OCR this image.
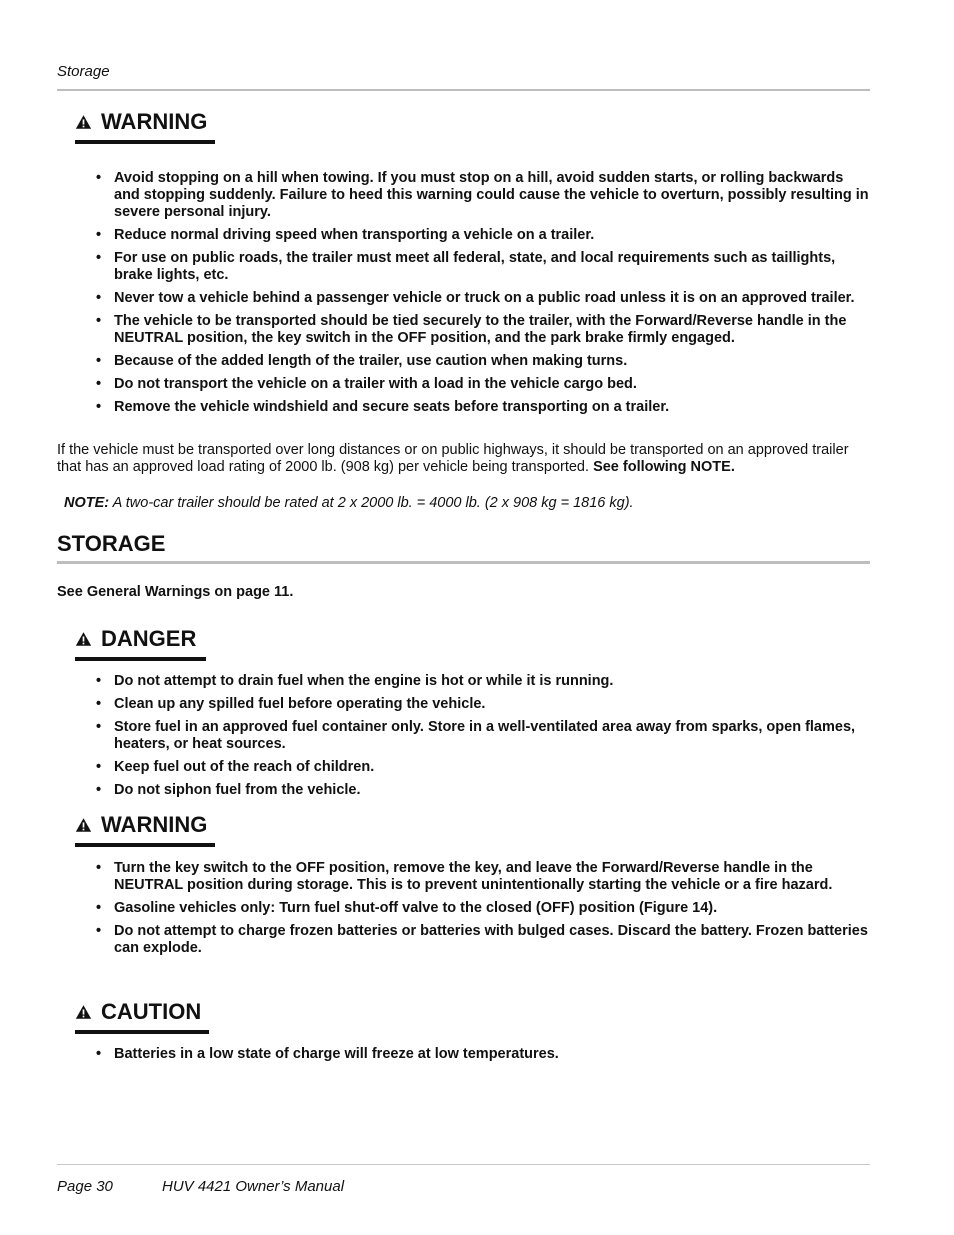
Storage
WARNING
• Avoid stopping on a hill when towing. If you must stop on a hill, avoid sudden starts, or rolling backwards and stopping suddenly. Failure to heed this warning could cause the vehicle to overturn, possibly resulting in severe personal injury.
• Reduce normal driving speed when transporting a vehicle on a trailer.
• For use on public roads, the trailer must meet all federal, state, and local requirements such as taillights, brake lights, etc.
• Never tow a vehicle behind a passenger vehicle or truck on a public road unless it is on an approved trailer.
• The vehicle to be transported should be tied securely to the trailer, with the Forward/Reverse handle in the NEUTRAL position, the key switch in the OFF position, and the park brake firmly engaged.
• Because of the added length of the trailer, use caution when making turns.
• Do not transport the vehicle on a trailer with a load in the vehicle cargo bed.
• Remove the vehicle windshield and secure seats before transporting on a trailer.
If the vehicle must be transported over long distances or on public highways, it should be transported on an approved trailer that has an approved load rating of 2000 lb. (908 kg) per vehicle being transported. See following NOTE.
NOTE: A two-car trailer should be rated at 2 x 2000 lb. = 4000 lb. (2 x 908 kg = 1816 kg).
STORAGE
See General Warnings on page 11.
DANGER
• Do not attempt to drain fuel when the engine is hot or while it is running.
• Clean up any spilled fuel before operating the vehicle.
• Store fuel in an approved fuel container only. Store in a well-ventilated area away from sparks, open flames, heaters, or heat sources.
• Keep fuel out of the reach of children.
• Do not siphon fuel from the vehicle.
WARNING
• Turn the key switch to the OFF position, remove the key, and leave the Forward/Reverse handle in the NEUTRAL position during storage. This is to prevent unintentionally starting the vehicle or a fire hazard.
• Gasoline vehicles only: Turn fuel shut-off valve to the closed (OFF) position (Figure 14).
• Do not attempt to charge frozen batteries or batteries with bulged cases. Discard the battery. Frozen batteries can explode.
CAUTION
• Batteries in a low state of charge will freeze at low temperatures.
Page 30	HUV 4421 Owner’s Manual
